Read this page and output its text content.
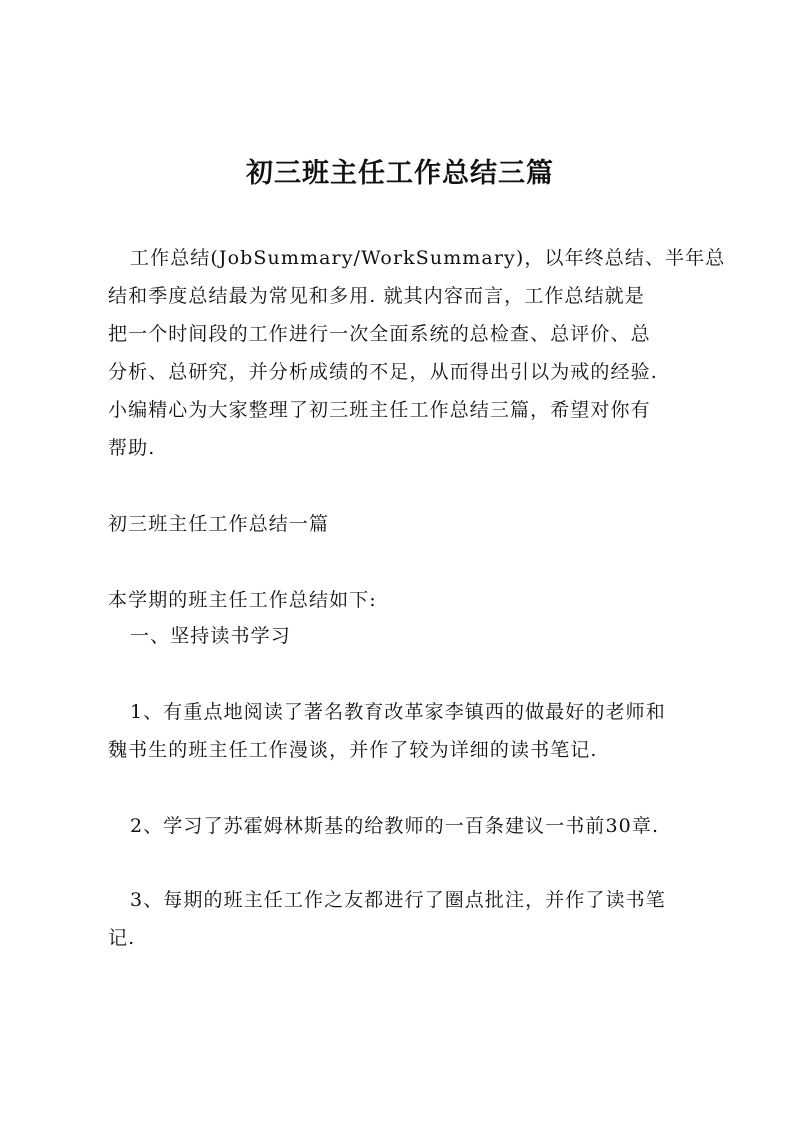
初三班主任工作总结三篇
工作总结(JobSummary/WorkSummary)，以年终总结、半年总
结和季度总结最为常见和多用. 就其内容而言，工作总结就是
把一个时间段的工作进行一次全面系统的总检查、总评价、总
分析、总研究，并分析成绩的不足，从而得出引以为戒的经验.
小编精心为大家整理了初三班主任工作总结三篇，希望对你有
帮助.
初三班主任工作总结一篇
本学期的班主任工作总结如下:
一、坚持读书学习
1、有重点地阅读了著名教育改革家李镇西的做最好的老师和
魏书生的班主任工作漫谈，并作了较为详细的读书笔记.
2、学习了苏霍姆林斯基的给教师的一百条建议一书前30章.
3、每期的班主任工作之友都进行了圈点批注，并作了读书笔
记.
